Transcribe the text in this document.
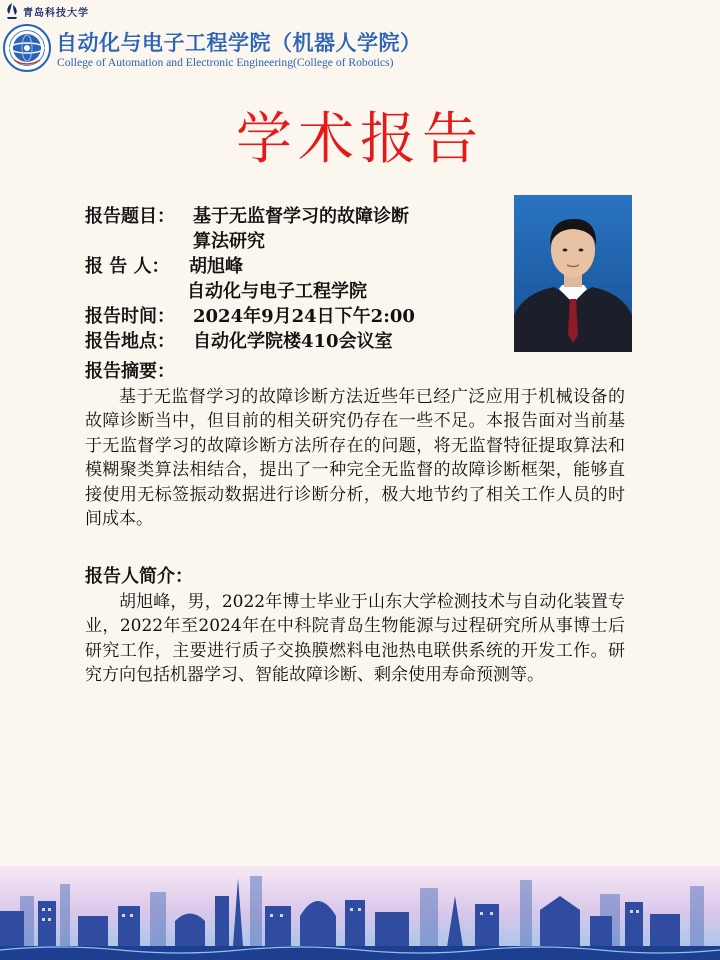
青岛科技大学
自动化与电子工程学院（机器人学院）
College of Automation and Electronic Engineering(College of Robotics)
学术报告
报告题目： 基于无监督学习的故障诊断
算法研究
报 告 人： 胡旭峰
自动化与电子工程学院
报告时间： 2024年9月24日下午2:00
报告地点： 自动化学院楼410会议室
报告摘要：

基于无监督学习的故障诊断方法近些年已经广泛应用于机械设备的故障诊断当中，但目前的相关研究仍存在一些不足。本报告面对当前基于无监督学习的故障诊断方法所存在的问题，将无监督特征提取算法和模糊聚类算法相结合，提出了一种完全无监督的故障诊断框架，能够直接使用无标签振动数据进行诊断分析，极大地节约了相关工作人员的时间成本。

报告人简介：

胡旭峰，男，2022年博士毕业于山东大学检测技术与自动化装置专业，2022年至2024年在中科院青岛生物能源与过程研究所从事博士后研究工作，主要进行质子交换膜燃料电池热电联供系统的开发工作。研究方向包括机器学习、智能故障诊断、剩余使用寿命预测等。
